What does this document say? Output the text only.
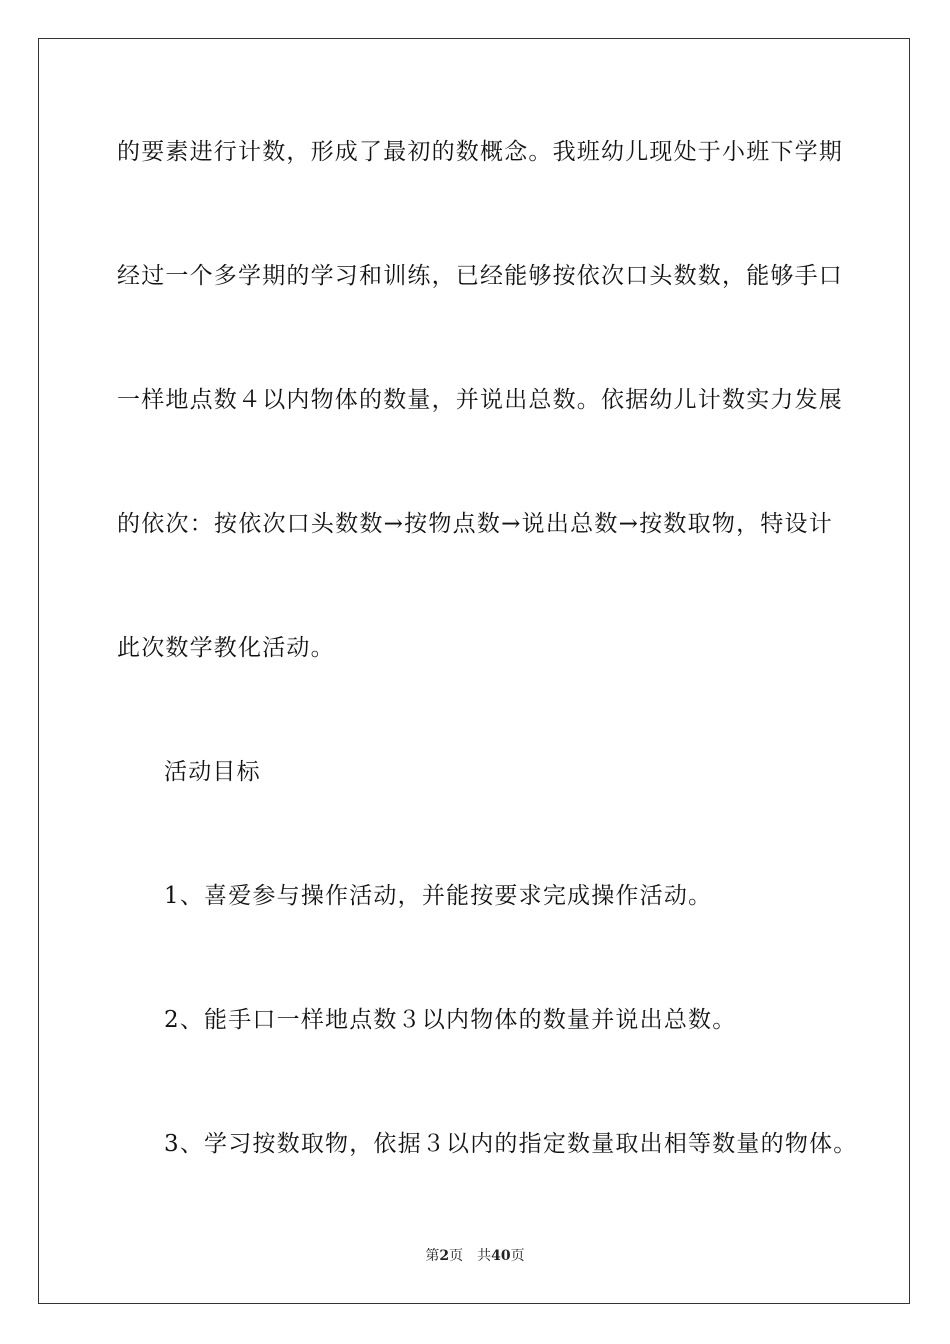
的要素进行计数，形成了最初的数概念。我班幼儿现处于小班下学期
经过一个多学期的学习和训练，已经能够按依次口头数数，能够手口
一样地点数４以内物体的数量，并说出总数。依据幼儿计数实力发展
的依次：按依次口头数数→按物点数→说出总数→按数取物，特设计
此次数学教化活动。
活动目标
1、喜爱参与操作活动，并能按要求完成操作活动。
2、能手口一样地点数３以内物体的数量并说出总数。
3、学习按数取物，依据３以内的指定数量取出相等数量的物体。
第2页 共40页
